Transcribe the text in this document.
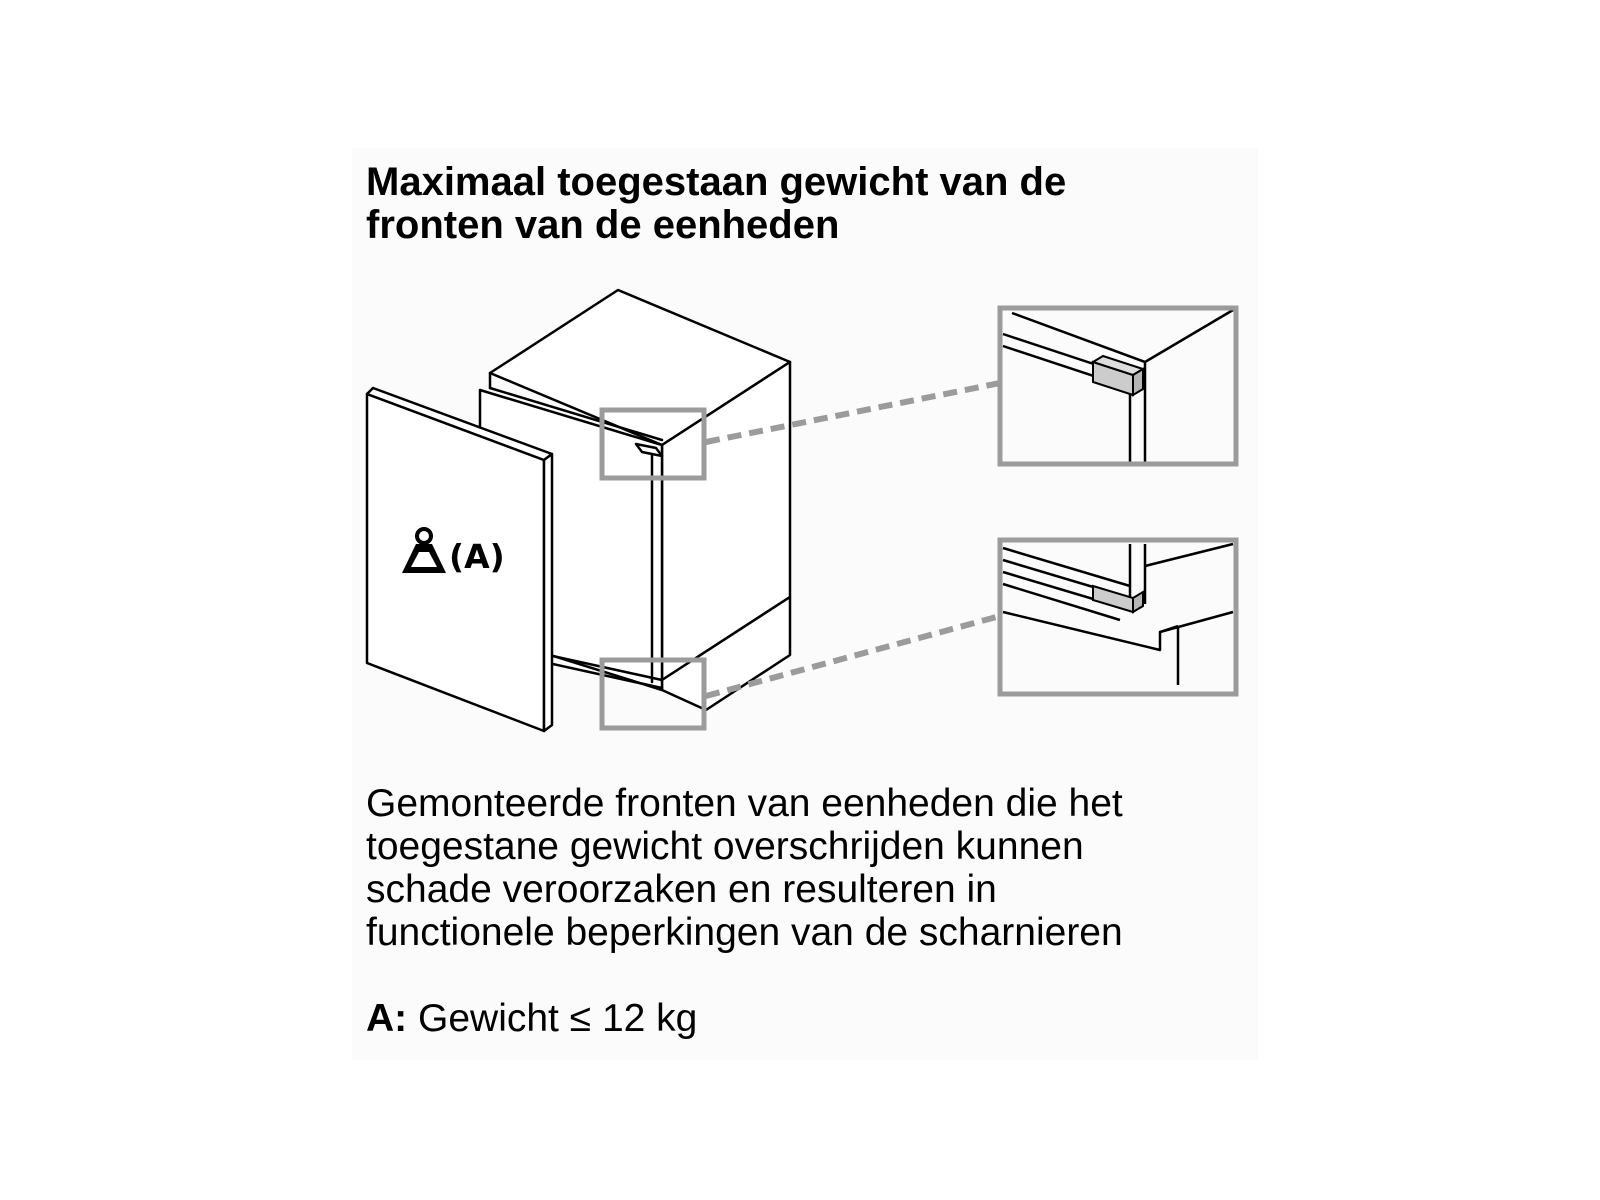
Maximaal toegestaan gewicht van de
fronten van de eenheden
(A)

Gemonteerde fronten van eenheden die het
toegestane gewicht overschrijden kunnen
schade veroorzaken en resulteren in
functionele beperkingen van de scharnieren

A: Gewicht ≤ 12 kg
